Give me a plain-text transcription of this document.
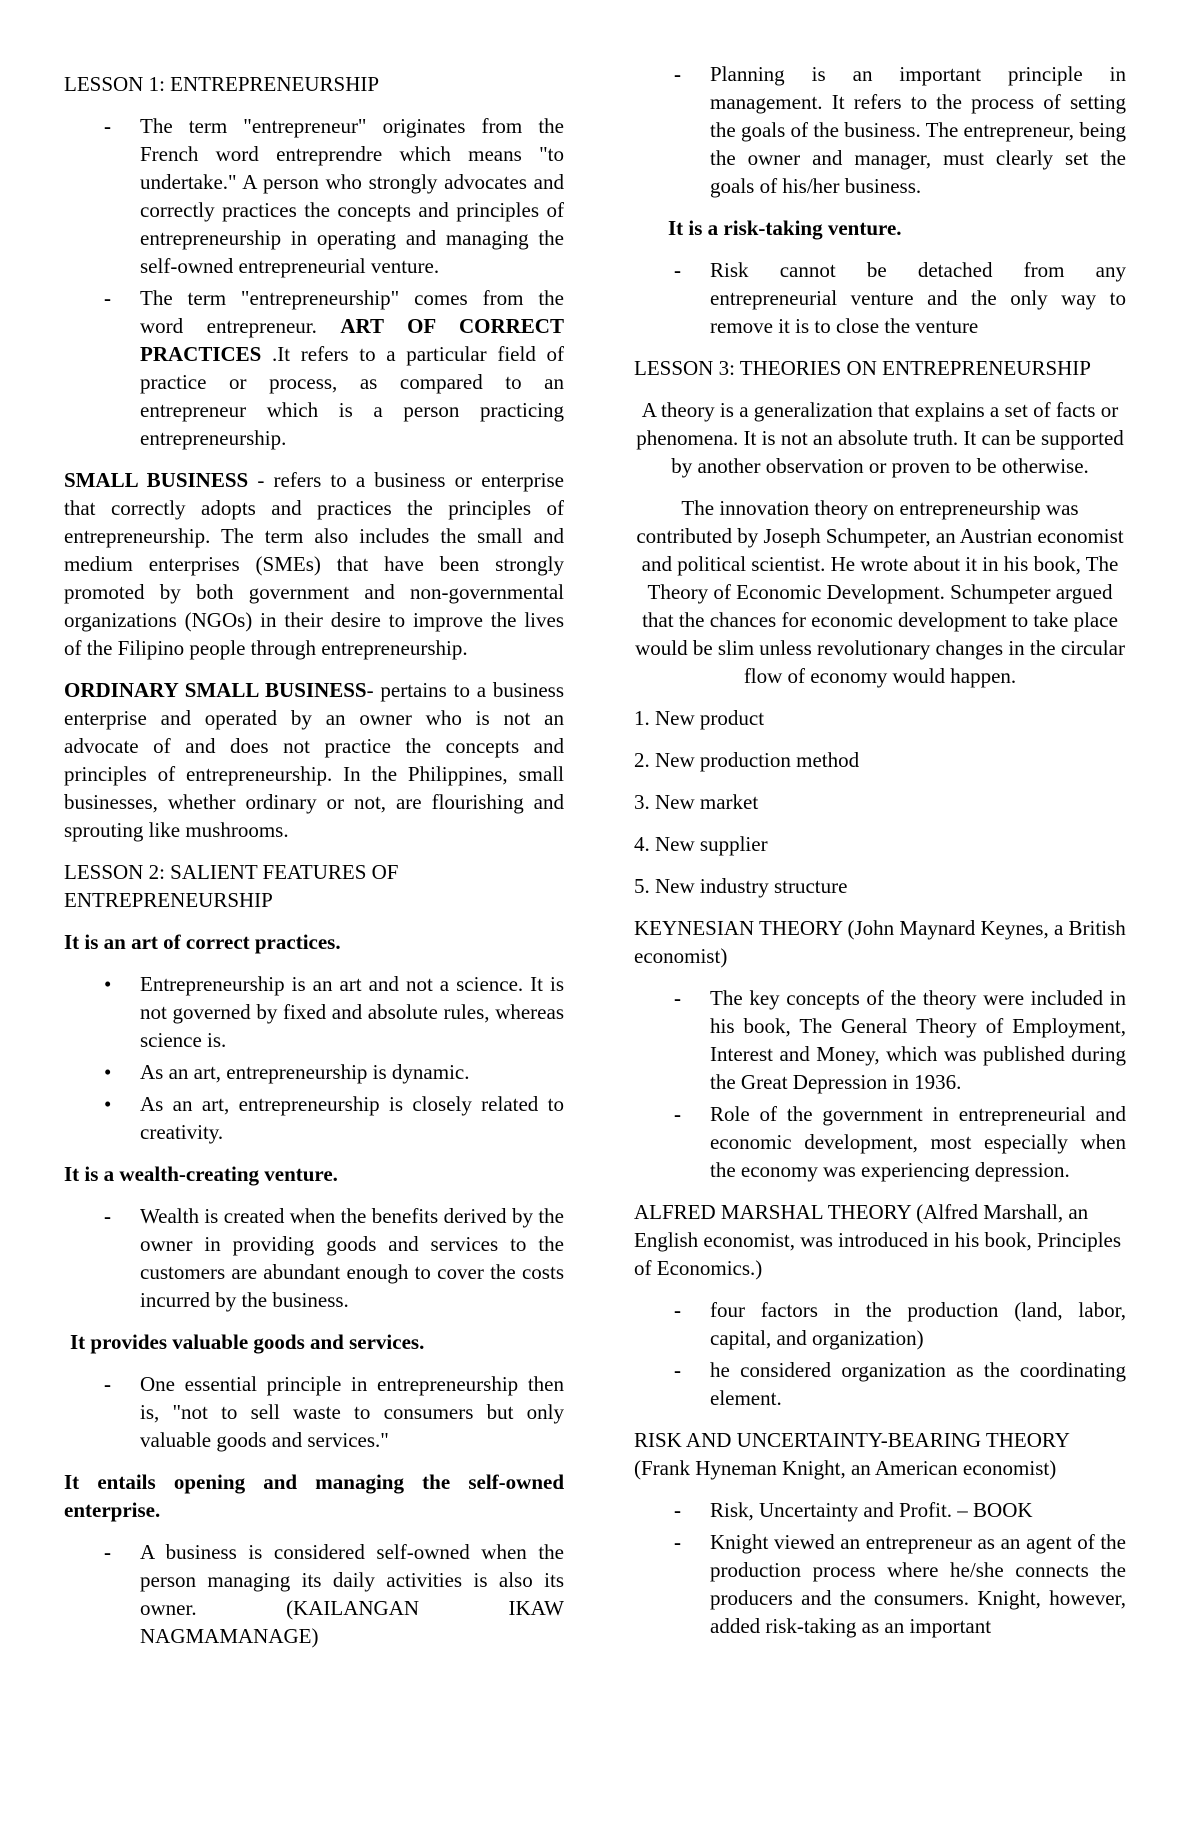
LESSON 1: ENTREPRENEURSHIP
- The term "entrepreneur" originates from the French word entreprendre which means "to undertake." A person who strongly advocates and correctly practices the concepts and principles of entrepreneurship in operating and managing the self-owned entrepreneurial venture.
- The term "entrepreneurship" comes from the word entrepreneur. ART OF CORRECT PRACTICES .It refers to a particular field of practice or process, as compared to an entrepreneur which is a person practicing entrepreneurship.
SMALL BUSINESS - refers to a business or enterprise that correctly adopts and practices the principles of entrepreneurship. The term also includes the small and medium enterprises (SMEs) that have been strongly promoted by both government and non-governmental organizations (NGOs) in their desire to improve the lives of the Filipino people through entrepreneurship.
ORDINARY SMALL BUSINESS- pertains to a business enterprise and operated by an owner who is not an advocate of and does not practice the concepts and principles of entrepreneurship. In the Philippines, small businesses, whether ordinary or not, are flourishing and sprouting like mushrooms.
LESSON 2: SALIENT FEATURES OF ENTREPRENEURSHIP
It is an art of correct practices.
• Entrepreneurship is an art and not a science. It is not governed by fixed and absolute rules, whereas science is.
• As an art, entrepreneurship is dynamic.
• As an art, entrepreneurship is closely related to creativity.
It is a wealth-creating venture.
- Wealth is created when the benefits derived by the owner in providing goods and services to the customers are abundant enough to cover the costs incurred by the business.
It provides valuable goods and services.
- One essential principle in entrepreneurship then is, "not to sell waste to consumers but only valuable goods and services."
It entails opening and managing the self-owned enterprise.
- A business is considered self-owned when the person managing its daily activities is also its owner. (KAILANGAN IKAW NAGMAMANAGE)
- Planning is an important principle in management. It refers to the process of setting the goals of the business. The entrepreneur, being the owner and manager, must clearly set the goals of his/her business.
It is a risk-taking venture.
- Risk cannot be detached from any entrepreneurial venture and the only way to remove it is to close the venture
LESSON 3: THEORIES ON ENTREPRENEURSHIP
A theory is a generalization that explains a set of facts or phenomena. It is not an absolute truth. It can be supported by another observation or proven to be otherwise.
The innovation theory on entrepreneurship was contributed by Joseph Schumpeter, an Austrian economist and political scientist. He wrote about it in his book, The Theory of Economic Development. Schumpeter argued that the chances for economic development to take place would be slim unless revolutionary changes in the circular flow of economy would happen.
1. New product
2. New production method
3. New market
4. New supplier
5. New industry structure
KEYNESIAN THEORY (John Maynard Keynes, a British economist)
- The key concepts of the theory were included in his book, The General Theory of Employment, Interest and Money, which was published during the Great Depression in 1936.
- Role of the government in entrepreneurial and economic development, most especially when the economy was experiencing depression.
ALFRED MARSHAL THEORY (Alfred Marshall, an English economist, was introduced in his book, Principles of Economics.)
- four factors in the production (land, labor, capital, and organization)
- he considered organization as the coordinating element.
RISK AND UNCERTAINTY-BEARING THEORY (Frank Hyneman Knight, an American economist)
- Risk, Uncertainty and Profit. – BOOK
- Knight viewed an entrepreneur as an agent of the production process where he/she connects the producers and the consumers. Knight, however, added risk-taking as an important
